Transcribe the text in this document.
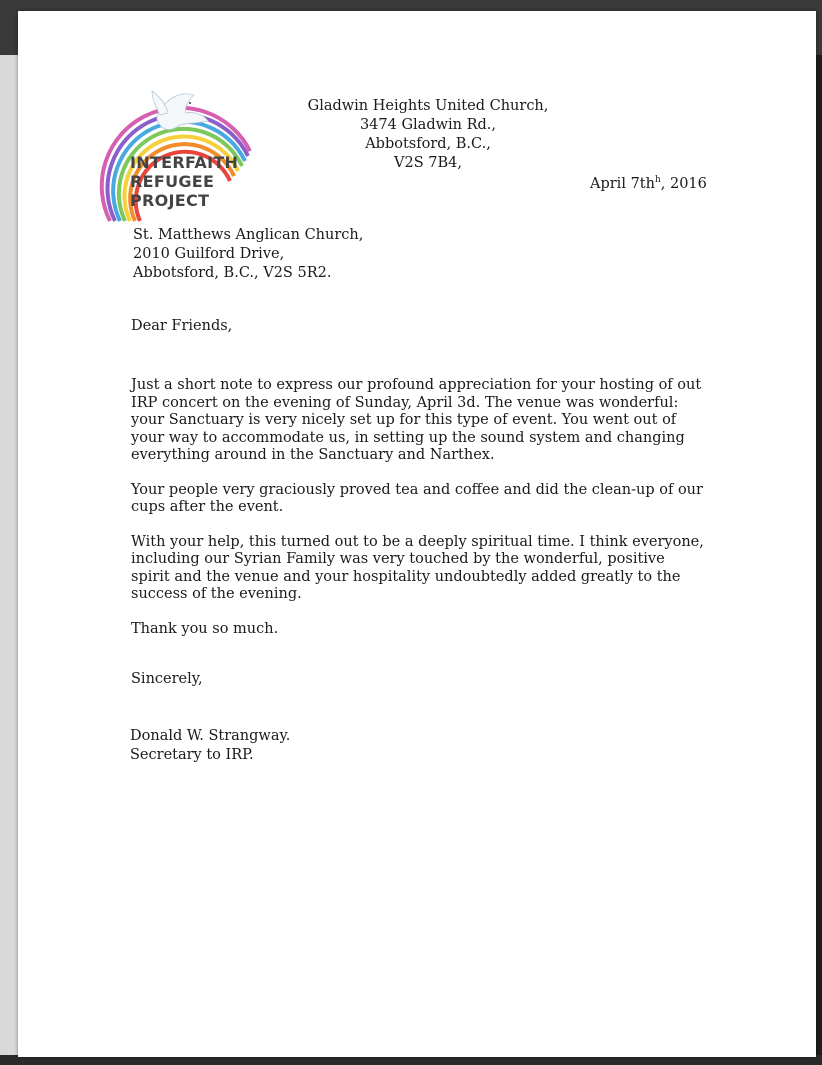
INTERFAITH
REFUGEE
PROJECT
Gladwin Heights United Church,
3474 Gladwin Rd.,
Abbotsford, B.C.,
V2S 7B4,
April $7th^h$, 2016
St. Matthews Anglican Church,
2010 Guilford Drive,
Abbotsford, B.C., V2S 5R2.
Dear Friends,

Just a short note to express our profound appreciation for your hosting of out IRP concert on the evening of Sunday, April 3d. The venue was wonderful: your Sanctuary is very nicely set up for this type of event. You went out of your way to accommodate us, in setting up the sound system and changing everything around in the Sanctuary and Narthex.

Your people very graciously proved tea and coffee and did the clean-up of our cups after the event.

With your help, this turned out to be a deeply spiritual time. I think everyone, including our Syrian Family was very touched by the wonderful, positive spirit and the venue and your hospitality undoubtedly added greatly to the success of the evening.

Thank you so much.

Sincerely,
Donald W. Strangway.
Secretary to IRP.
